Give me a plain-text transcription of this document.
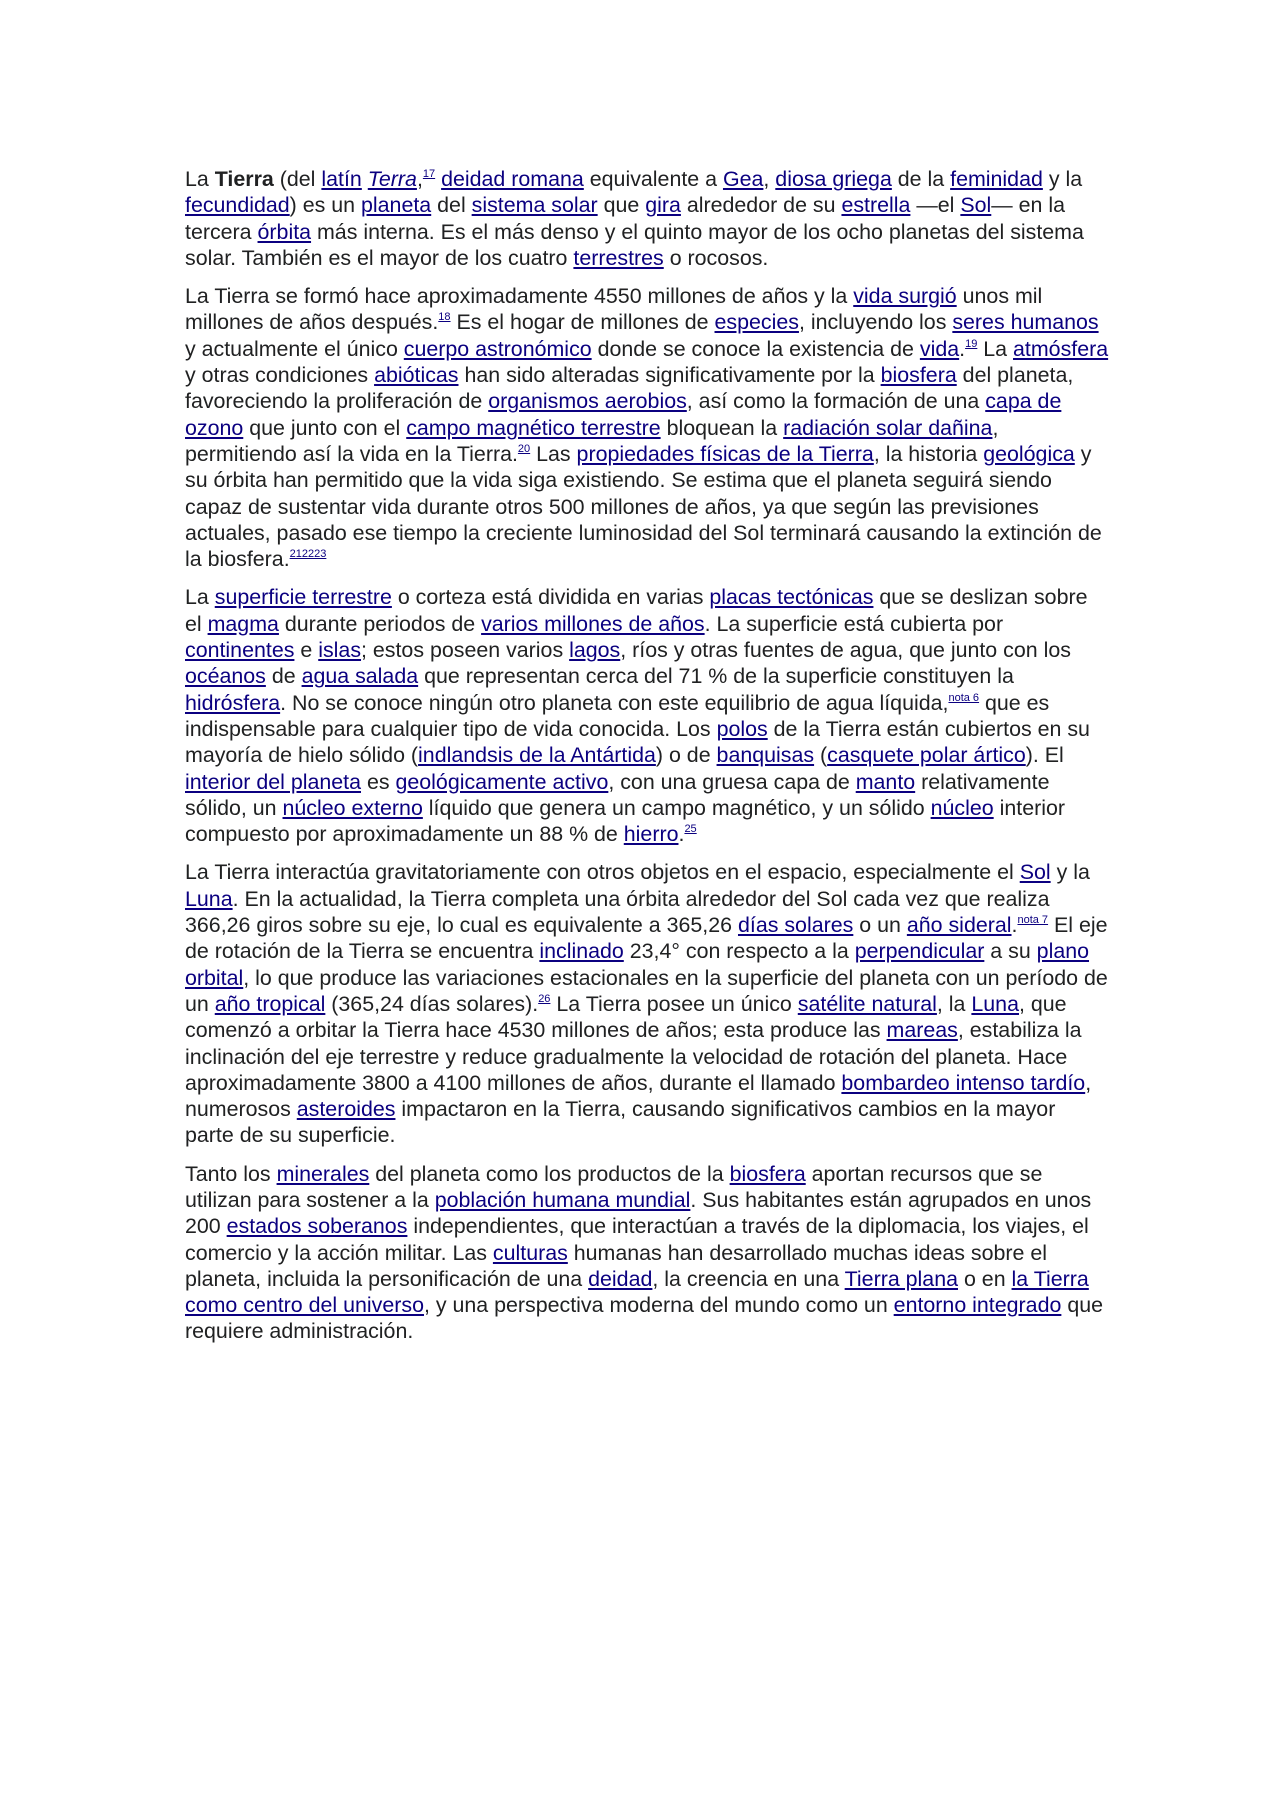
La Tierra (del latín Terra,$^{17}$ deidad romana equivalente a Gea, diosa griega de la feminidad y la fecundidad) es un planeta del sistema solar que gira alrededor de su estrella —el Sol— en la tercera órbita más interna. Es el más denso y el quinto mayor de los ocho planetas del sistema solar. También es el mayor de los cuatro terrestres o rocosos.

La Tierra se formó hace aproximadamente 4550 millones de años y la vida surgió unos mil millones de años después.$^{18}$ Es el hogar de millones de especies, incluyendo los seres humanos y actualmente el único cuerpo astronómico donde se conoce la existencia de vida.$^{19}$ La atmósfera y otras condiciones abióticas han sido alteradas significativamente por la biosfera del planeta, favoreciendo la proliferación de organismos aerobios, así como la formación de una capa de ozono que junto con el campo magnético terrestre bloquean la radiación solar dañina, permitiendo así la vida en la Tierra.$^{20}$ Las propiedades físicas de la Tierra, la historia geológica y su órbita han permitido que la vida siga existiendo. Se estima que el planeta seguirá siendo capaz de sustentar vida durante otros 500 millones de años, ya que según las previsiones actuales, pasado ese tiempo la creciente luminosidad del Sol terminará causando la extinción de la biosfera.$^{212223}$

La superficie terrestre o corteza está dividida en varias placas tectónicas que se deslizan sobre el magma durante periodos de varios millones de años. La superficie está cubierta por continentes e islas; estos poseen varios lagos, ríos y otras fuentes de agua, que junto con los océanos de agua salada que representan cerca del 71 % de la superficie constituyen la hidrósfera. No se conoce ningún otro planeta con este equilibrio de agua líquida,$^{nota 6}$ que es indispensable para cualquier tipo de vida conocida. Los polos de la Tierra están cubiertos en su mayoría de hielo sólido (indlandsis de la Antártida) o de banquisas (casquete polar ártico). El interior del planeta es geológicamente activo, con una gruesa capa de manto relativamente sólido, un núcleo externo líquido que genera un campo magnético, y un sólido núcleo interior compuesto por aproximadamente un 88 % de hierro.$^{25}$

La Tierra interactúa gravitatoriamente con otros objetos en el espacio, especialmente el Sol y la Luna. En la actualidad, la Tierra completa una órbita alrededor del Sol cada vez que realiza 366,26 giros sobre su eje, lo cual es equivalente a 365,26 días solares o un año sideral.$^{nota 7}$ El eje de rotación de la Tierra se encuentra inclinado 23,4° con respecto a la perpendicular a su plano orbital, lo que produce las variaciones estacionales en la superficie del planeta con un período de un año tropical (365,24 días solares).$^{26}$ La Tierra posee un único satélite natural, la Luna, que comenzó a orbitar la Tierra hace 4530 millones de años; esta produce las mareas, estabiliza la inclinación del eje terrestre y reduce gradualmente la velocidad de rotación del planeta. Hace aproximadamente 3800 a 4100 millones de años, durante el llamado bombardeo intenso tardío, numerosos asteroides impactaron en la Tierra, causando significativos cambios en la mayor parte de su superficie.

Tanto los minerales del planeta como los productos de la biosfera aportan recursos que se utilizan para sostener a la población humana mundial. Sus habitantes están agrupados en unos 200 estados soberanos independientes, que interactúan a través de la diplomacia, los viajes, el comercio y la acción militar. Las culturas humanas han desarrollado muchas ideas sobre el planeta, incluida la personificación de una deidad, la creencia en una Tierra plana o en la Tierra como centro del universo, y una perspectiva moderna del mundo como un entorno integrado que requiere administración.
